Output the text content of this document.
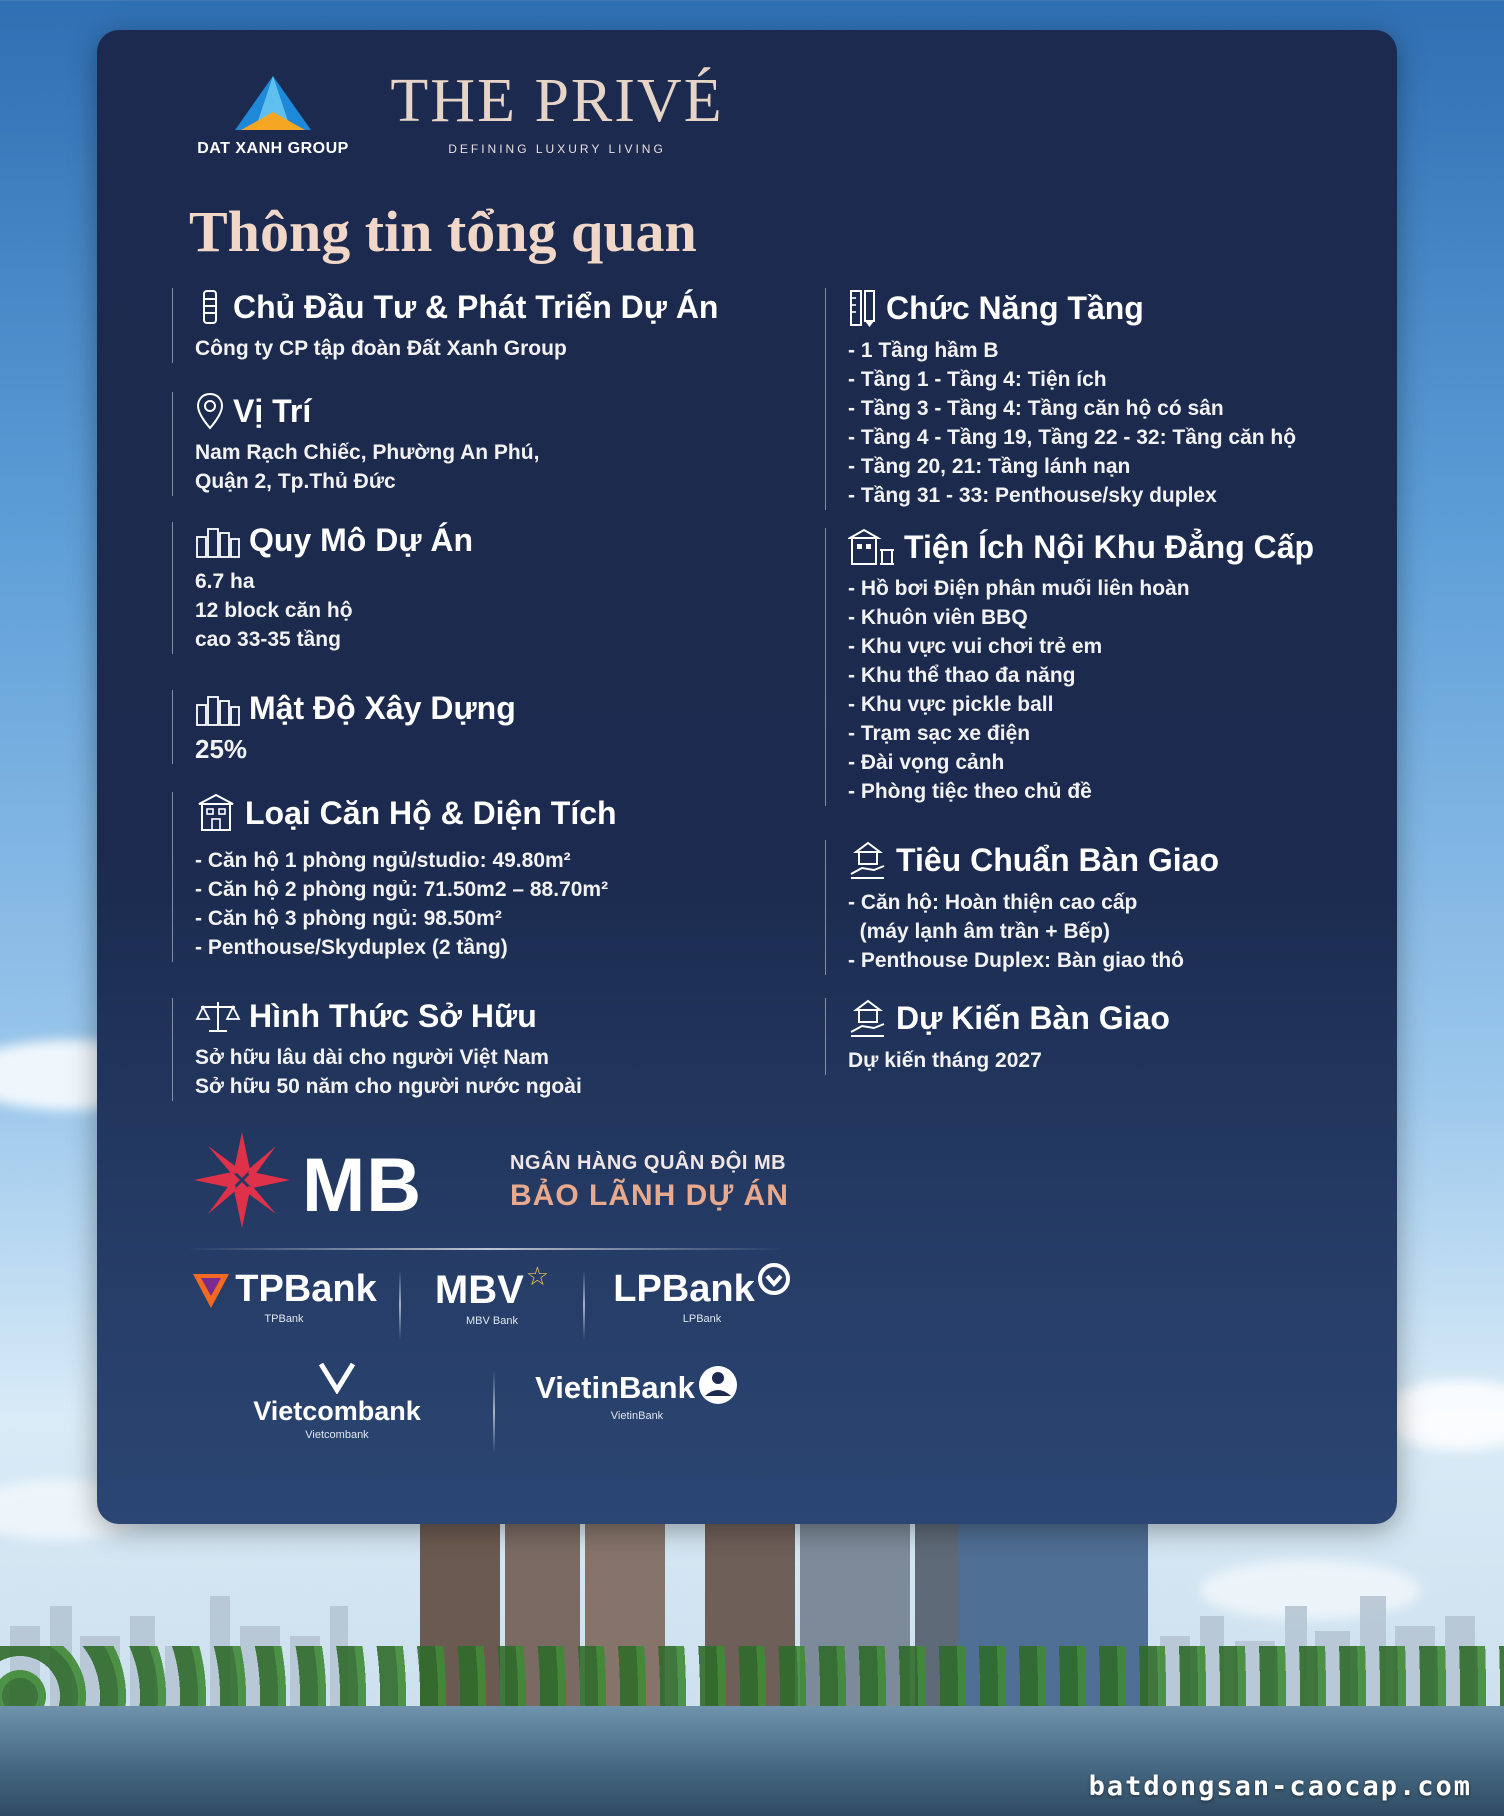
DAT XANH GROUP
THE PRIVÉ
DEFINING LUXURY LIVING
Thông tin tổng quan
Chủ Đầu Tư & Phát Triển Dự Án
Công ty CP tập đoàn Đất Xanh Group
Vị Trí
Nam Rạch Chiếc, Phường An Phú,
Quận 2, Tp.Thủ Đức
Quy Mô Dự Án
6.7 ha
12 block căn hộ
cao 33-35 tầng
Mật Độ Xây Dựng
25%
Loại Căn Hộ & Diện Tích
- Căn hộ 1 phòng ngủ/studio: 49.80m²
- Căn hộ 2 phòng ngủ: 71.50m2 – 88.70m²
- Căn hộ 3 phòng ngủ: 98.50m²
- Penthouse/Skyduplex (2 tầng)
Hình Thức Sở Hữu
Sở hữu lâu dài cho người Việt Nam
Sở hữu 50 năm cho người nước ngoài
Chức Năng Tầng
- 1 Tầng hầm B
- Tầng 1 - Tầng 4: Tiện ích
- Tầng 3 - Tầng 4: Tầng căn hộ có sân
- Tầng 4 - Tầng 19, Tầng 22 - 32: Tầng căn hộ
- Tầng 20, 21: Tầng lánh nạn
- Tầng 31 - 33: Penthouse/sky duplex
Tiện Ích Nội Khu Đẳng Cấp
- Hồ bơi Điện phân muối liên hoàn
- Khuôn viên BBQ
- Khu vực vui chơi trẻ em
- Khu thể thao đa năng
- Khu vực pickle ball
- Trạm sạc xe điện
- Đài vọng cảnh
- Phòng tiệc theo chủ đề
Tiêu Chuẩn Bàn Giao
- Căn hộ: Hoàn thiện cao cấp
(máy lạnh âm trần + Bếp)
- Penthouse Duplex: Bàn giao thô
Dự Kiến Bàn Giao
Dự kiến tháng 2027
MB	NGÂN HÀNG QUÂN ĐỘI MB
BẢO LÃNH DỰ ÁN
TPBank
TPBank
MBV ☆
MBV Bank
LPBank
LPBank
Vietcombank
Vietcombank
VietinBank
VietinBank
batdongsan-caocap.com
